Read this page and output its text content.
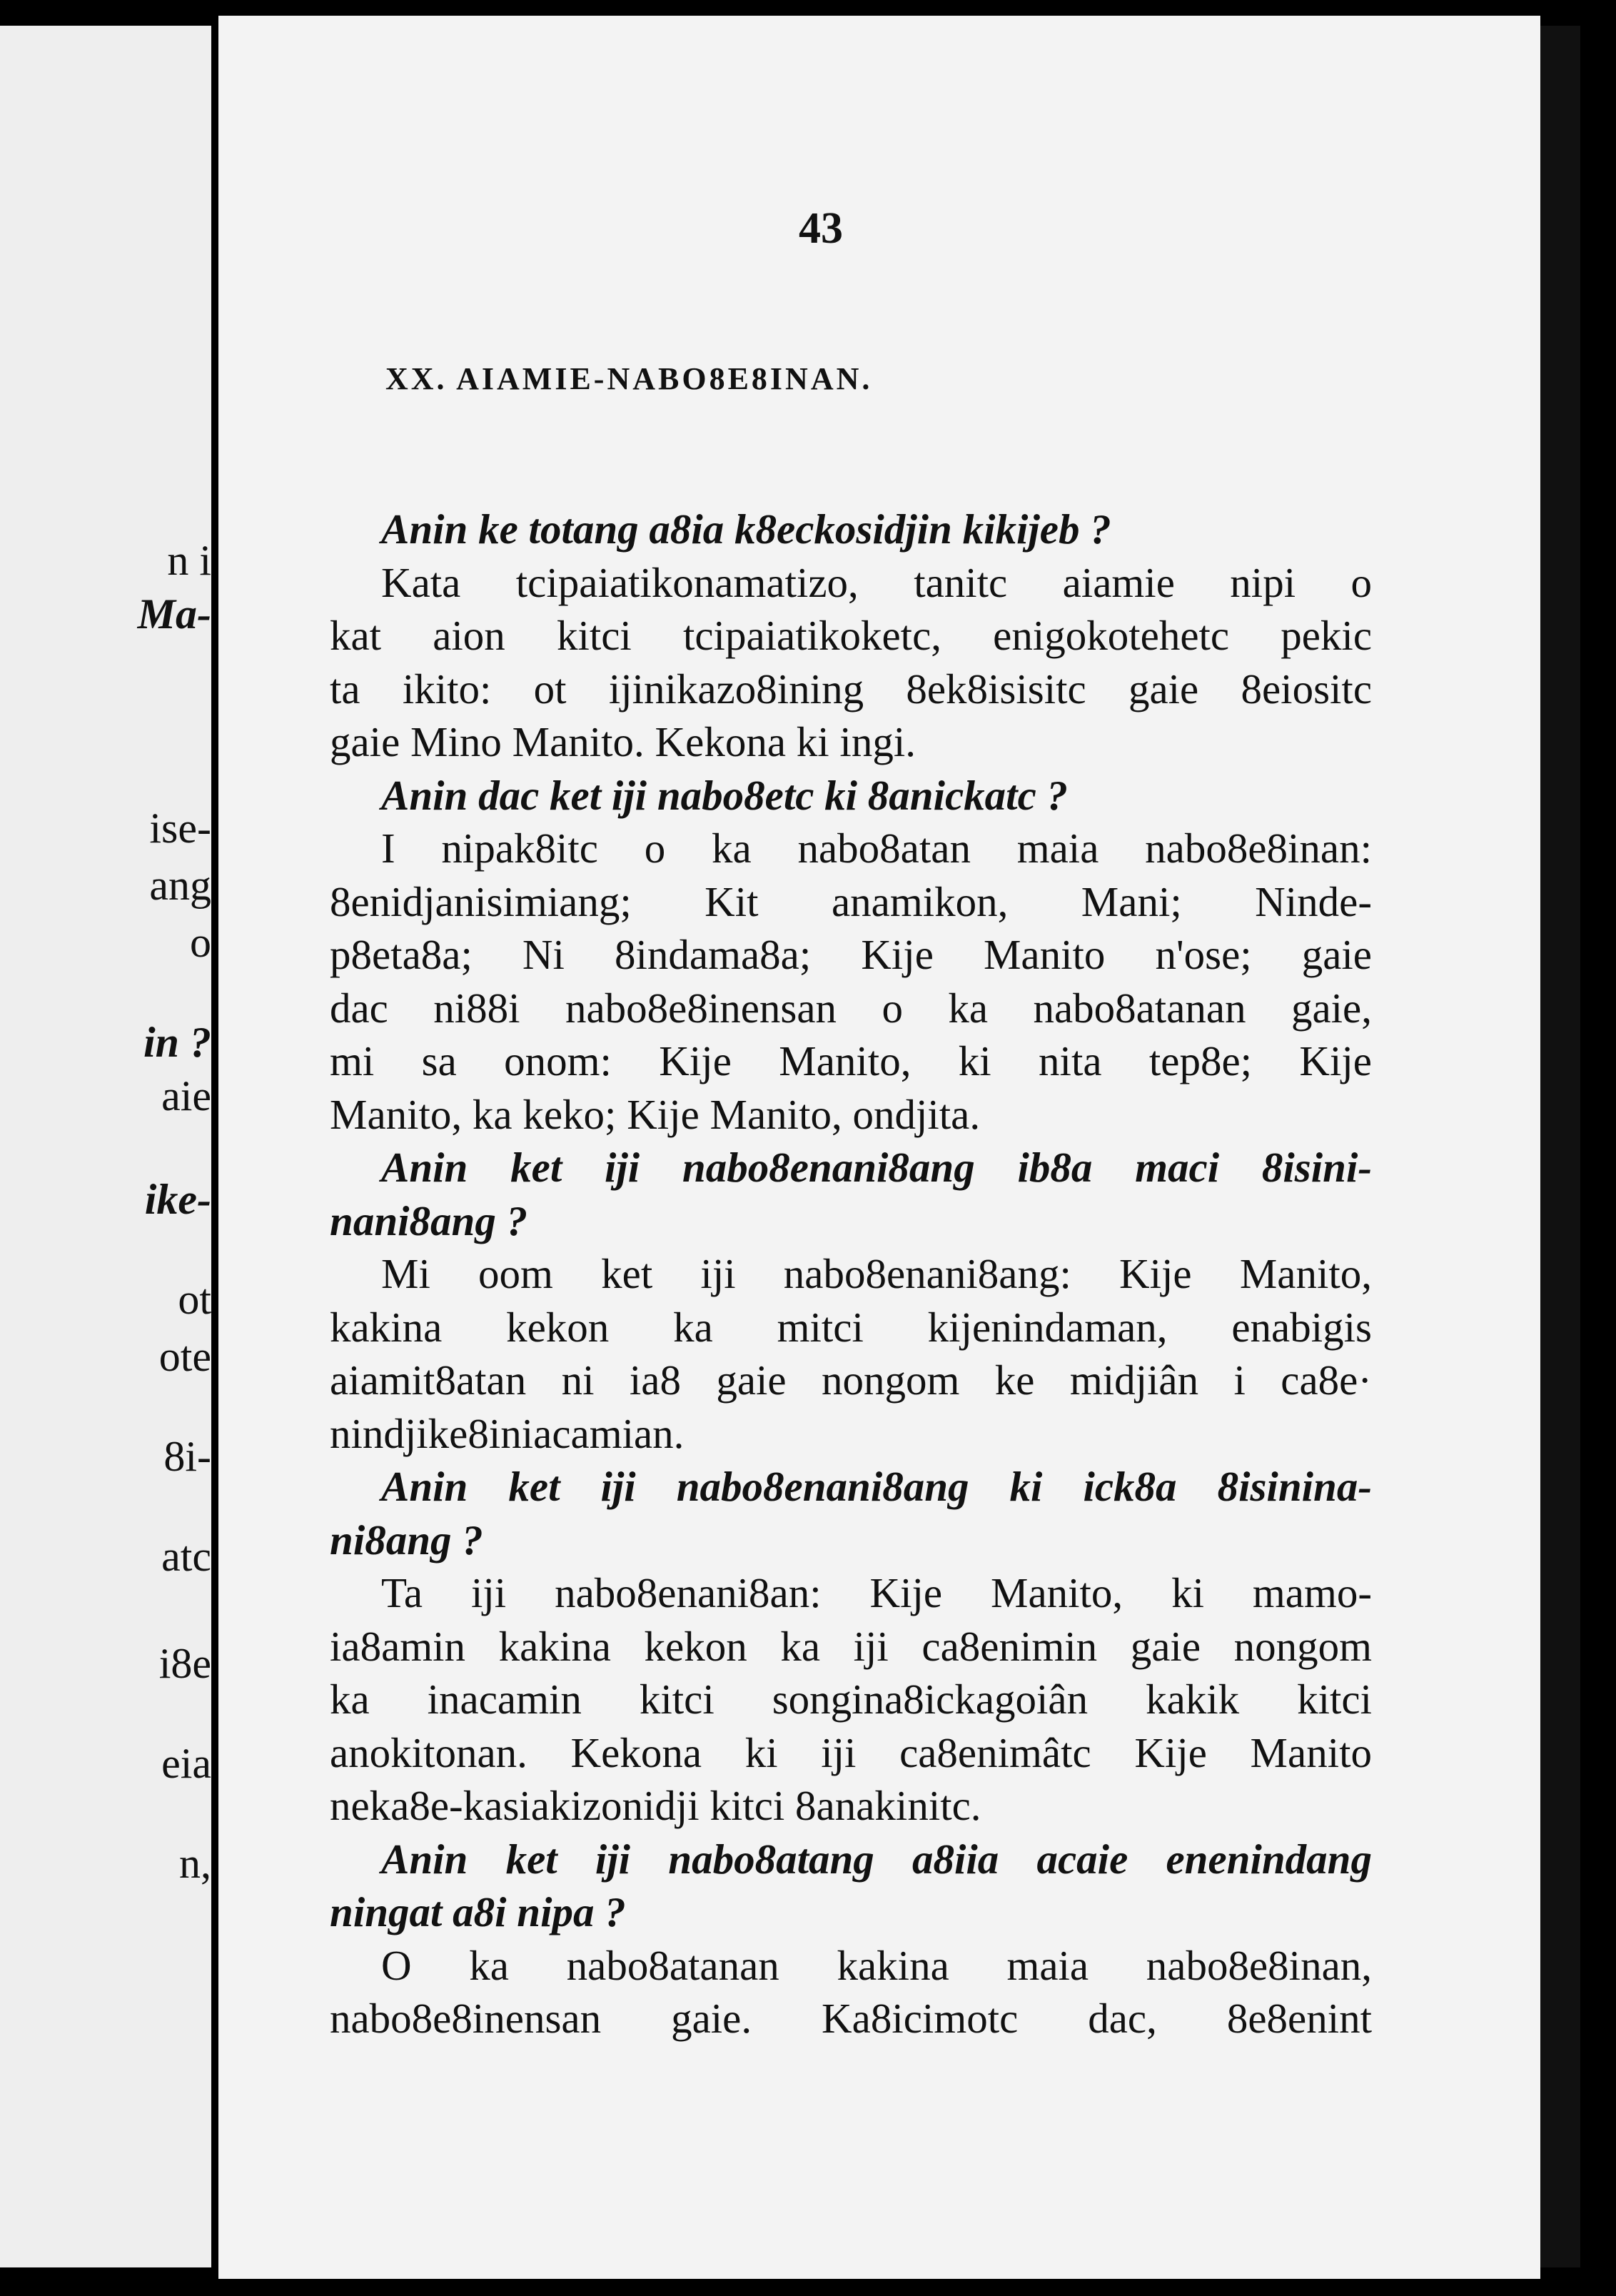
n i
Ma-
ise-
ang
o
in ?
aie
ike-
ot
ote
8i-
atc
i8e
eia
n,
43
XX. AIAMIE-NABO8E8INAN.
Anin ke totang a8ia k8eckosidjin kikijeb ?
Kata tcipaiatikonamatizo, tanitc aiamie nipi o
kat aion kitci tcipaiatikoketc, enigokotehetc pekic
ta ikito: ot ijinikazo8ining 8ek8isisitc gaie 8eiositc
gaie Mino Manito. Kekona ki ingi.
Anin dac ket iji nabo8etc ki 8anickatc ?
I nipak8itc o ka nabo8atan maia nabo8e8inan:
8enidjanisimiang; Kit anamikon, Mani; Ninde-
p8eta8a; Ni 8indama8a; Kije Manito n'ose; gaie
dac ni88i nabo8e8inensan o ka nabo8atanan gaie,
mi sa onom: Kije Manito, ki nita tep8e; Kije
Manito, ka keko; Kije Manito, ondjita.
Anin ket iji nabo8enani8ang ib8a maci 8isini-
nani8ang ?
Mi oom ket iji nabo8enani8ang: Kije Manito,
kakina kekon ka mitci kijenindaman, enabigis
aiamit8atan ni ia8 gaie nongom ke midjiân i ca8e·
nindjike8iniacamian.
Anin ket iji nabo8enani8ang ki ick8a 8isinina-
ni8ang ?
Ta iji nabo8enani8an: Kije Manito, ki mamo-
ia8amin kakina kekon ka iji ca8enimin gaie nongom
ka inacamin kitci songina8ickagoiân kakik kitci
anokitonan. Kekona ki iji ca8enimâtc Kije Manito
neka8e-kasiakizonidji kitci 8anakinitc.
Anin ket iji nabo8atang a8iia acaie enenindang
ningat a8i nipa ?
O ka nabo8atanan kakina maia nabo8e8inan,
nabo8e8inensan gaie. Ka8icimotc dac, 8e8enint
